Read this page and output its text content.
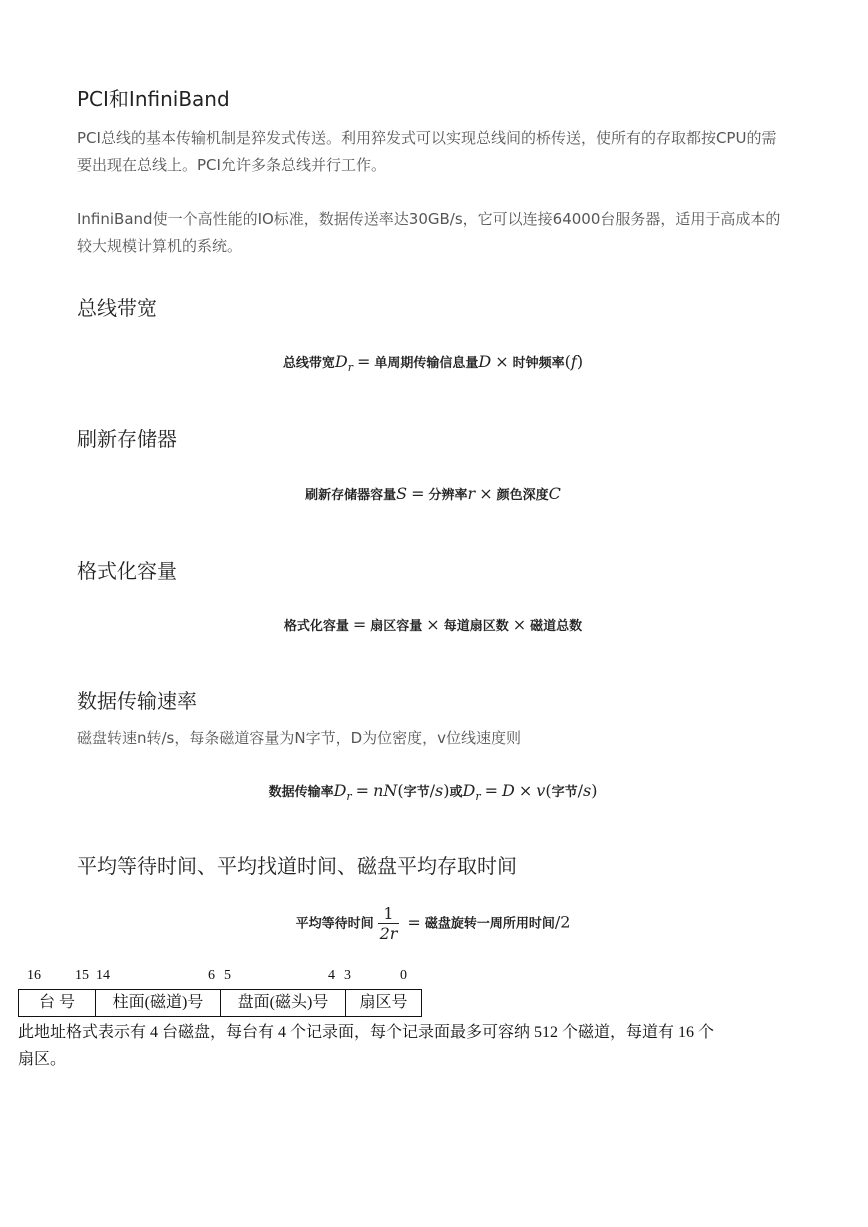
PCI和InfiniBand

PCI总线的基本传输机制是猝发式传送。利用猝发式可以实现总线间的桥传送，使所有的存取都按CPU的需要出现在总线上。PCI允许多条总线并行工作。

InfiniBand使一个高性能的IO标准，数据传送率达30GB/s，它可以连接64000台服务器，适用于高成本的较大规模计算机的系统。

总线带宽
总线带宽$D_r$ = 单周期传输信息量D × 时钟频率(f)
刷新存储器
刷新存储器容量S = 分辨率r × 颜色深度C
格式化容量
格式化容量 = 扇区容量 × 每道扇区数 × 磁道总数
数据传输速率

磁盘转速n转/s，每条磁道容量为N字节，D为位密度，v位线速度则

数据传输率$D_r = nN$(字节/s)或$D_r = D \times v$(字节/s)
平均等待时间、平均找道时间、磁盘平均存取时间
平均等待时间 $\frac{1}{2r}$ = 磁盘旋转一周所用时间/2
16 15 14	6 5	4 3	0
台 号	柱面(磁道)号	盘面(磁头)号	扇区号
此地址格式表示有 4 台磁盘，每台有 4 个记录面，每个记录面最多可容纳 512 个磁道，每道有 16 个扇区。
